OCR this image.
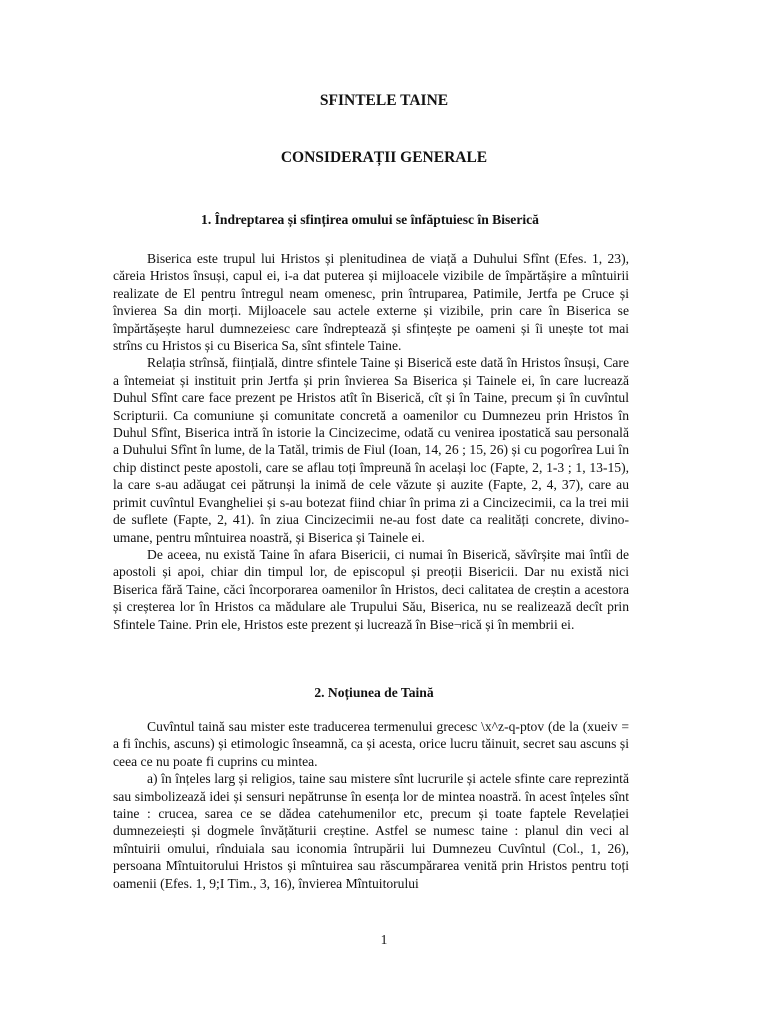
SFINTELE TAINE
CONSIDERAȚII GENERALE
1. Îndreptarea și sfințirea omului se înfăptuiesc în Biserică

Biserica este trupul lui Hristos și plenitudinea de viață a Duhului Sfînt (Efes. 1, 23), căreia Hristos însuși, capul ei, i-a dat puterea și mijloacele vizibile de împărtășire a mîntuirii realizate de El pentru întregul neam omenesc, prin întruparea, Patimile, Jertfa pe Cruce și învierea Sa din morți. Mijloacele sau actele externe și vizibile, prin care în Biserica se împărtășește harul dumnezeiesc care îndreptează și sfințește pe oameni și îi unește tot mai strîns cu Hristos și cu Biserica Sa, sînt sfintele Taine.

Relația strînsă, ființială, dintre sfintele Taine și Biserică este dată în Hristos însuși, Care a întemeiat și instituit prin Jertfa și prin învierea Sa Biserica și Tainele ei, în care lucrează Duhul Sfînt care face prezent pe Hristos atît în Biserică, cît și în Taine, precum și în cuvîntul Scripturii. Ca comuniune și comunitate concretă a oamenilor cu Dumnezeu prin Hristos în Duhul Sfînt, Biserica intră în istorie la Cincizecime, odată cu venirea ipostatică sau personală a Duhului Sfînt în lume, de la Tatăl, trimis de Fiul (Ioan, 14, 26 ; 15, 26) și cu pogorîrea Lui în chip distinct peste apostoli, care se aflau toți împreună în același loc (Fapte, 2, 1-3 ; 1, 13-15), la care s-au adăugat cei pătrunși la inimă de cele văzute și auzite (Fapte, 2, 4, 37), care au primit cuvîntul Evangheliei și s-au botezat fiind chiar în prima zi a Cincizecimii, ca la trei mii de suflete (Fapte, 2, 41). în ziua Cincizecimii ne-au fost date ca realități concrete, divino-umane, pentru mîntuirea noastră, și Biserica și Tainele ei.

De aceea, nu există Taine în afara Bisericii, ci numai în Biserică, săvîrșite mai întîi de apostoli și apoi, chiar din timpul lor, de episcopul și preoții Bisericii. Dar nu există nici Biserica fără Taine, căci încorporarea oamenilor în Hristos, deci calitatea de creștin a acestora și creșterea lor în Hristos ca mădulare ale Trupului Său, Biserica, nu se realizează decît prin Sfintele Taine. Prin ele, Hristos este prezent și lucrează în Bise¬rică și în membrii ei.

2. Noțiunea de Taină

Cuvîntul taină sau mister este traducerea termenului grecesc \x^z-q-ptov (de la (xueiv = a fi închis, ascuns) și etimologic înseamnă, ca și acesta, orice lucru tăinuit, secret sau ascuns și ceea ce nu poate fi cuprins cu mintea.

a) în înțeles larg și religios, taine sau mistere sînt lucrurile și actele sfinte care reprezintă sau simbolizează idei și sensuri nepătrunse în esența lor de mintea noastră. în acest înțeles sînt taine : crucea, sarea ce se dădea catehumenilor etc, precum și toate faptele Revelației dumnezeiești și dogmele învățăturii creștine. Astfel se numesc taine : planul din veci al mîntuirii omului, rînduiala sau iconomia întrupării lui Dumnezeu Cuvîntul (Col., 1, 26), persoana Mîntuitorului Hristos și mîntuirea sau răscumpărarea venită prin Hristos pentru toți oamenii (Efes. 1, 9;I Tim., 3, 16), învierea Mîntuitorului

1
